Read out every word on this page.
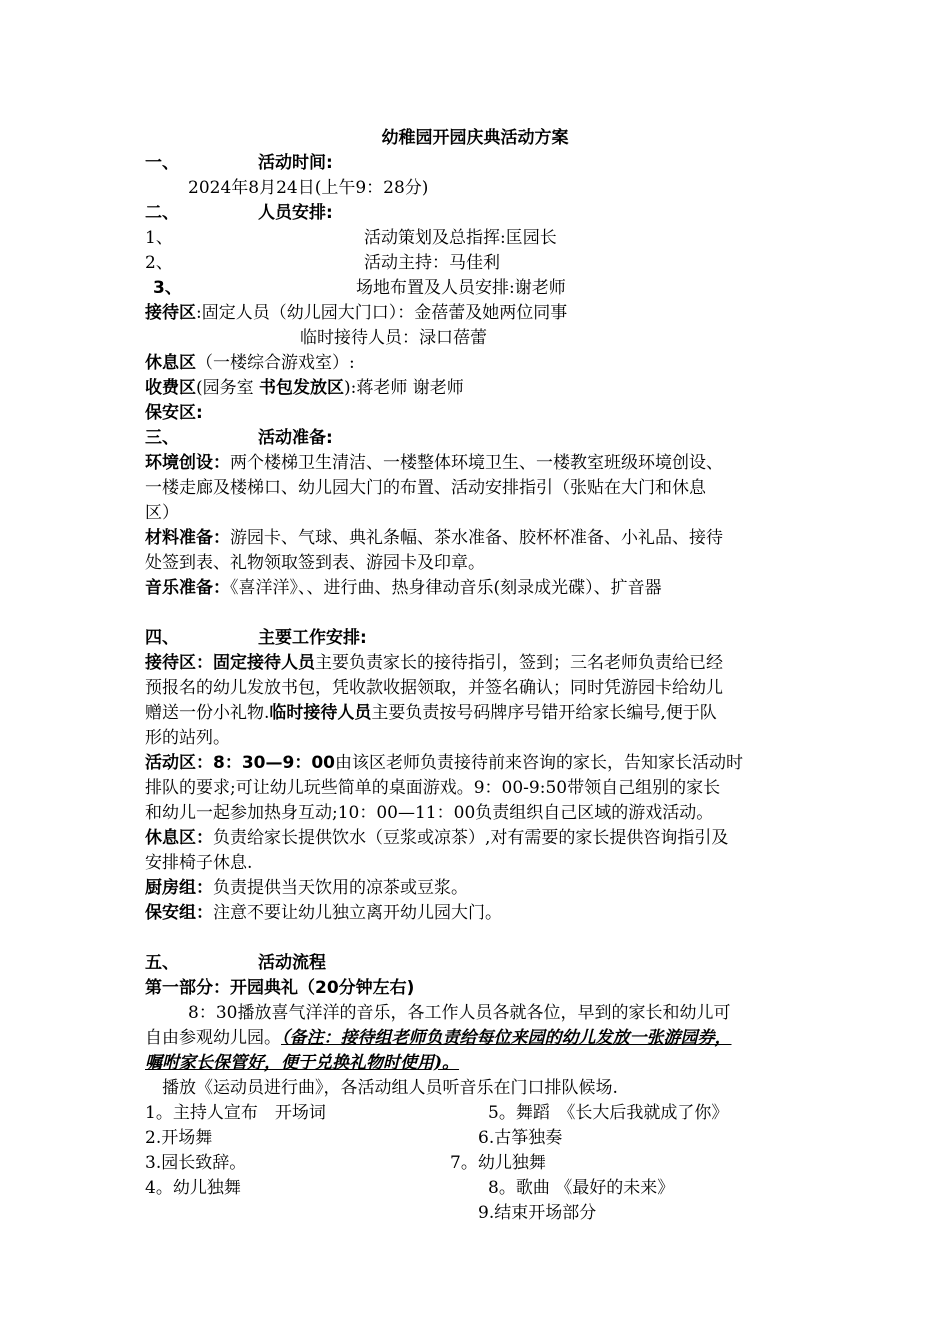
幼稚园开园庆典活动方案
一、	活动时间:
2024年8月24日(上午9：28分)
二、	人员安排:
1、	活动策划及总指挥:匡园长
2、	活动主持：马佳利
3、	场地布置及人员安排:谢老师
接待区:固定人员（幼儿园大门口）：金蓓蕾及她两位同事
临时接待人员：渌口蓓蕾
休息区（一楼综合游戏室）:
收费区(园务室 书包发放区):蒋老师 谢老师
保安区:
三、	活动准备:
环境创设：两个楼梯卫生清洁、一楼整体环境卫生、一楼教室班级环境创设、
一楼走廊及楼梯口、幼儿园大门的布置、活动安排指引（张贴在大门和休息
区）
材料准备：游园卡、气球、典礼条幅、茶水准备、胶杯杯准备、小礼品、接待
处签到表、礼物领取签到表、游园卡及印章。
音乐准备：《喜洋洋》、、进行曲、热身律动音乐(刻录成光碟）、扩音器
四、	主要工作安排:
接待区：固定接待人员主要负责家长的接待指引，签到；三名老师负责给已经
预报名的幼儿发放书包，凭收款收据领取，并签名确认；同时凭游园卡给幼儿
赠送一份小礼物.临时接待人员主要负责按号码牌序号错开给家长编号,便于队
形的站列。
活动区：8：30—9：00由该区老师负责接待前来咨询的家长，告知家长活动时
排队的要求;可让幼儿玩些简单的桌面游戏。9：00-9:50带领自己组别的家长
和幼儿一起参加热身互动;10：00—11：00负责组织自己区域的游戏活动。
休息区：负责给家长提供饮水（豆浆或凉茶）,对有需要的家长提供咨询指引及
安排椅子休息.
厨房组：负责提供当天饮用的凉茶或豆浆。
保安组：注意不要让幼儿独立离开幼儿园大门。
五、	活动流程
第一部分：开园典礼（20分钟左右)
8：30播放喜气洋洋的音乐，各工作人员各就各位，早到的家长和幼儿可
自由参观幼儿园。（备注：接待组老师负责给每位来园的幼儿发放一张游园券，
嘱咐家长保管好，便于兑换礼物时使用)。
播放《运动员进行曲》，各活动组人员听音乐在门口排队候场.
1。主持人宣布　开场词
2.开场舞
3.园长致辞。
4。幼儿独舞
5。舞蹈　《长大后我就成了你》
6.古筝独奏
7。幼儿独舞
8。歌曲 《最好的未来》
9.结束开场部分
